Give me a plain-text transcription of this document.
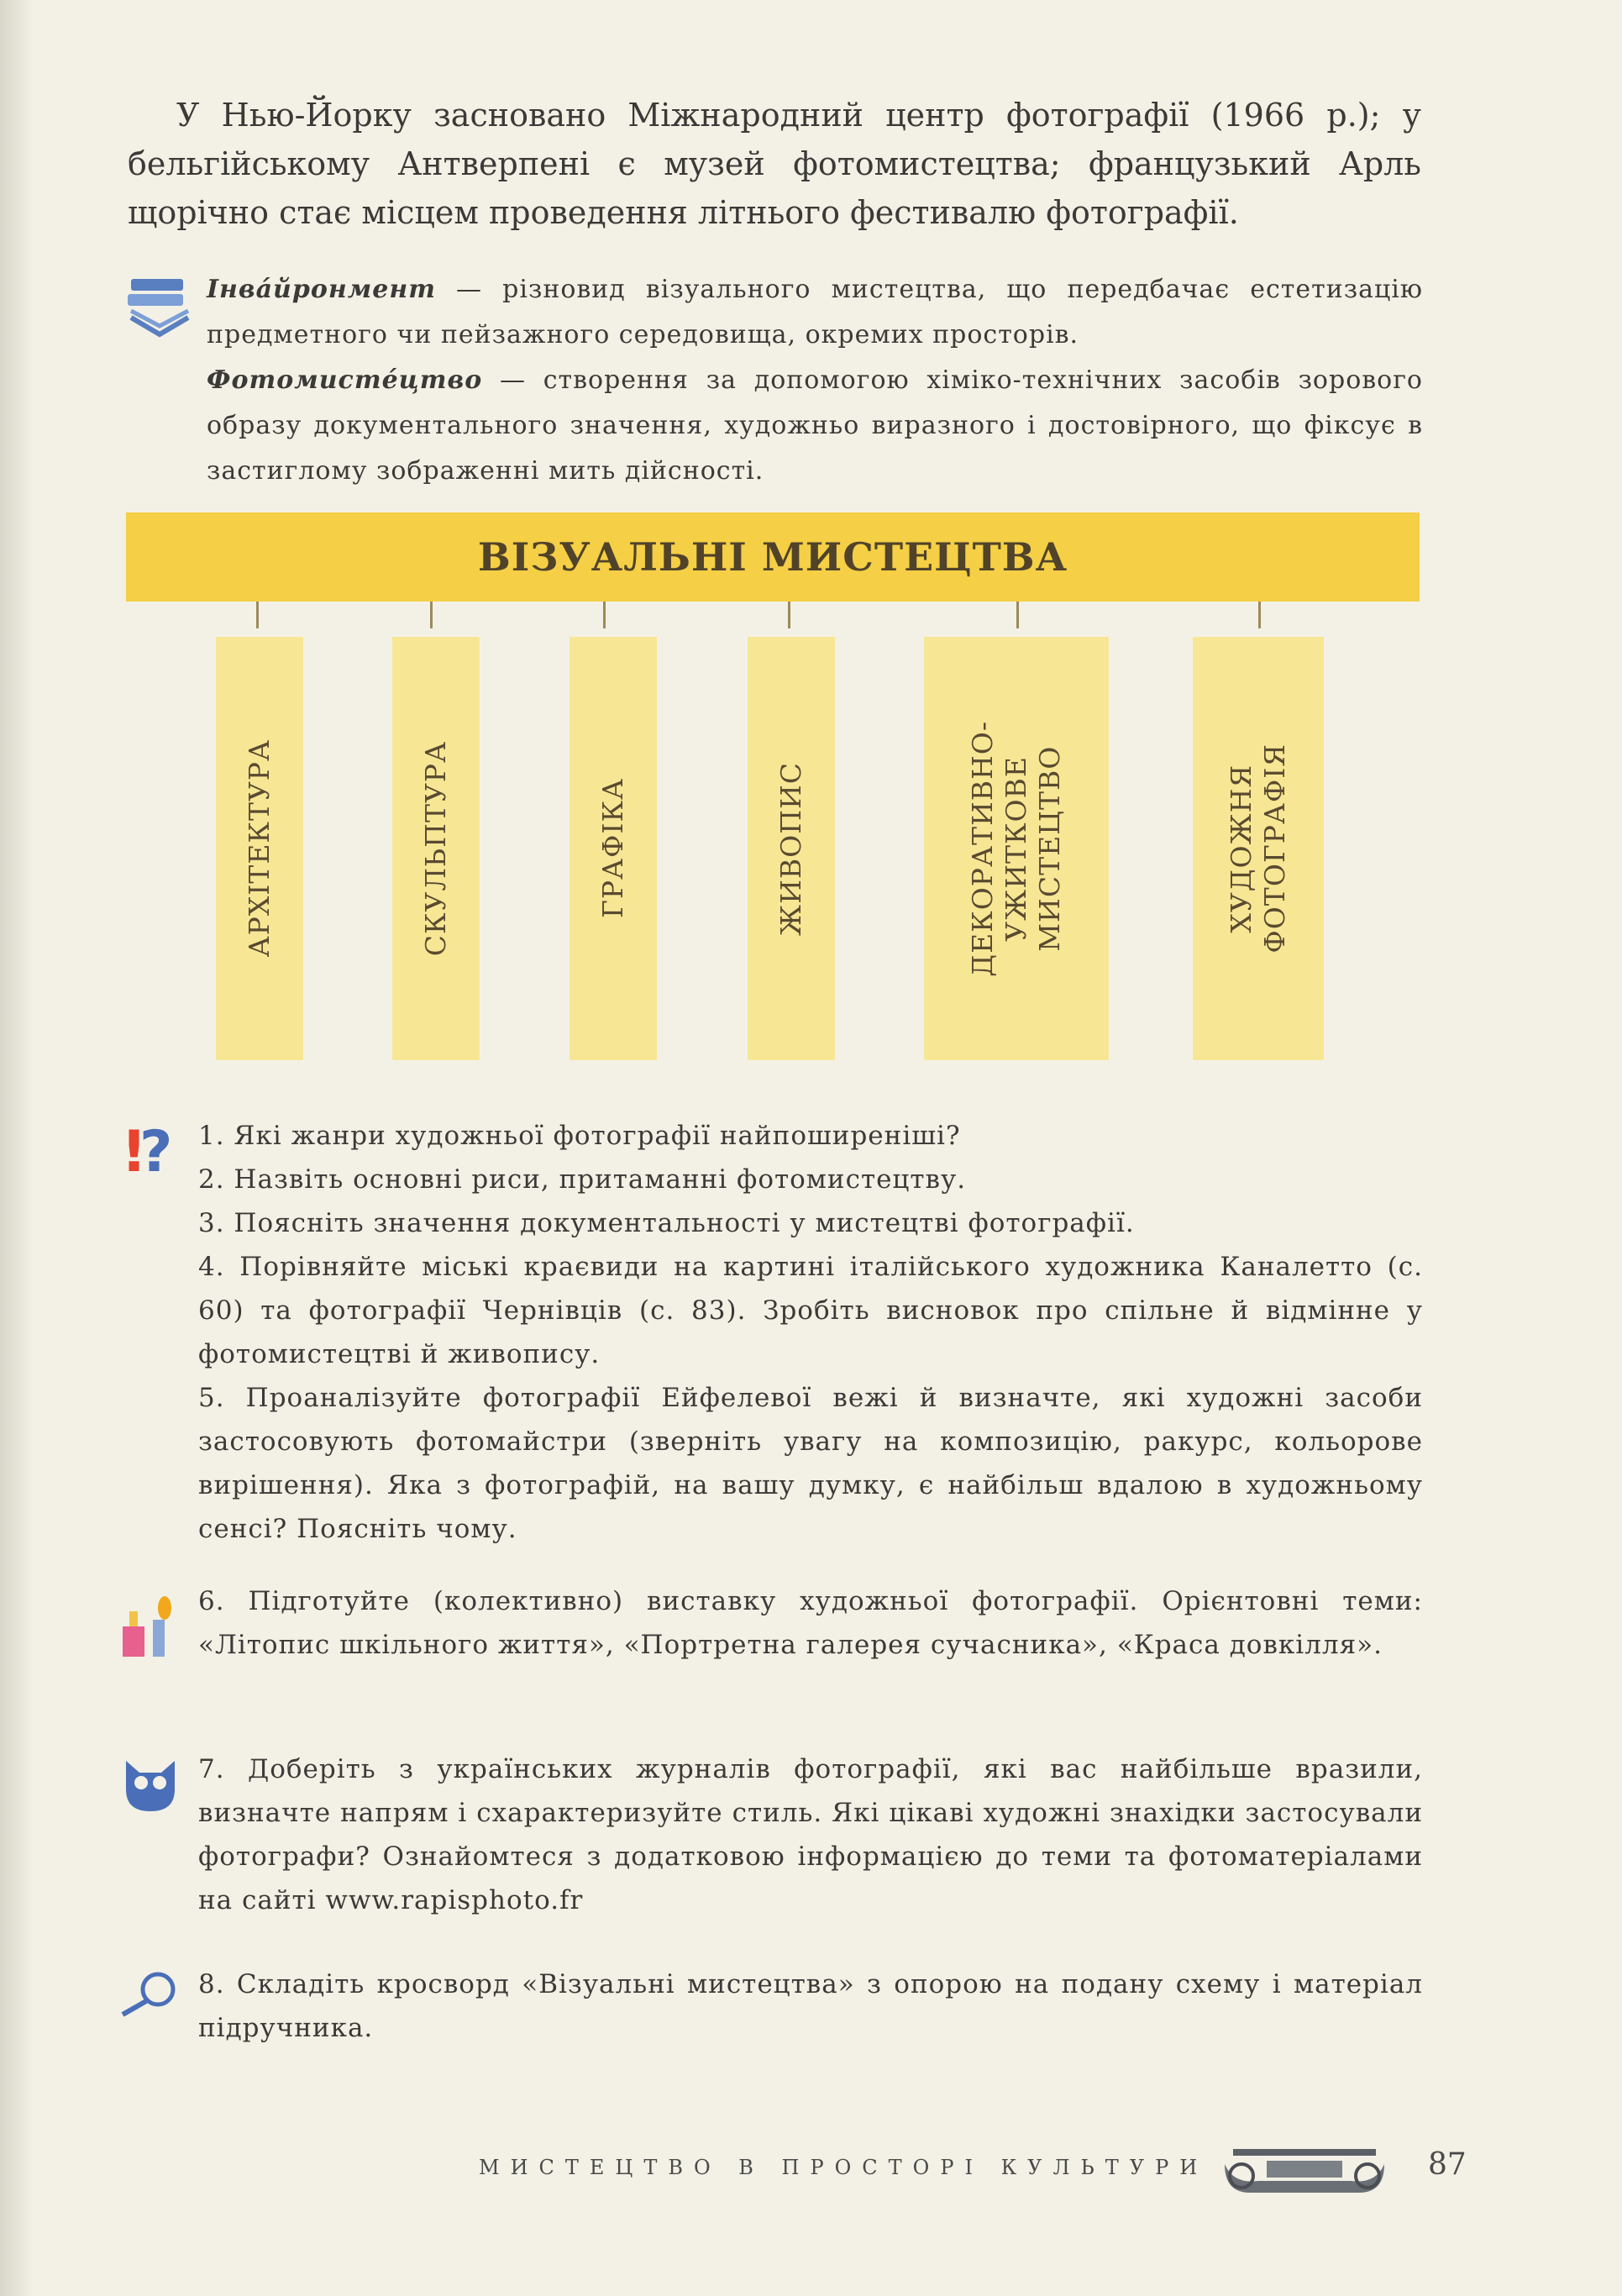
У Нью-Йорку засновано Міжнародний центр фотографії (1966 р.); у бельгійському Антверпені є музей фотомистецтва; французький Арль щорічно стає місцем проведення літнього фестивалю фотографії.

Інвáйронмент — різновид візуального мистецтва, що передбачає естетизацію предметного чи пейзажного середовища, окремих просторів.

Фотомистéцтво — створення за допомогою хіміко-технічних засобів зорового образу документального значення, художньо виразного і достовірного, що фіксує в застиглому зображенні мить дійсності.

ВІЗУАЛЬНІ МИСТЕЦТВА
АРХІТЕКТУРА	СКУЛЬПТУРА	ГРАФІКА	ЖИВОПИС	ДЕКОРАТИВНО-
УЖИТКОВЕ
МИСТЕЦТВО	ХУДОЖНЯ
ФОТОГРАФІЯ
!
? 1. Які жанри художньої фотографії найпоширеніші?

2. Назвіть основні риси, притаманні фотомистецтву.

3. Поясніть значення документальності у мистецтві фотографії.

4. Порівняйте міські краєвиди на картині італійського художника Каналетто (с. 60) та фотографії Чернівців (с. 83). Зробіть висновок про спільне й відмінне у фотомистецтві й живопису.

5. Проаналізуйте фотографії Ейфелевої вежі й визначте, які художні засоби застосовують фотомайстри (зверніть увагу на композицію, ракурс, кольорове вирішення). Яка з фотографій, на вашу думку, є найбільш вдалою в художньому сенсі? Поясніть чому.

6. Підготуйте (колективно) виставку художньої фотографії. Орієнтовні теми: «Літопис шкільного життя», «Портретна галерея сучасника», «Краса довкілля».
7. Доберіть з українських журналів фотографії, які вас найбільше вразили, визначте напрям і схарактеризуйте стиль. Які цікаві художні знахідки застосували фотографи? Ознайомтеся з додатковою інформацією до теми та фотоматеріалами на сайті www.rapisphoto.fr
8. Складіть кросворд «Візуальні мистецтва» з опорою на подану схему і матеріал підручника.
МИСТЕЦТВО В ПРОСТОРІ КУЛЬТУРИ	87
